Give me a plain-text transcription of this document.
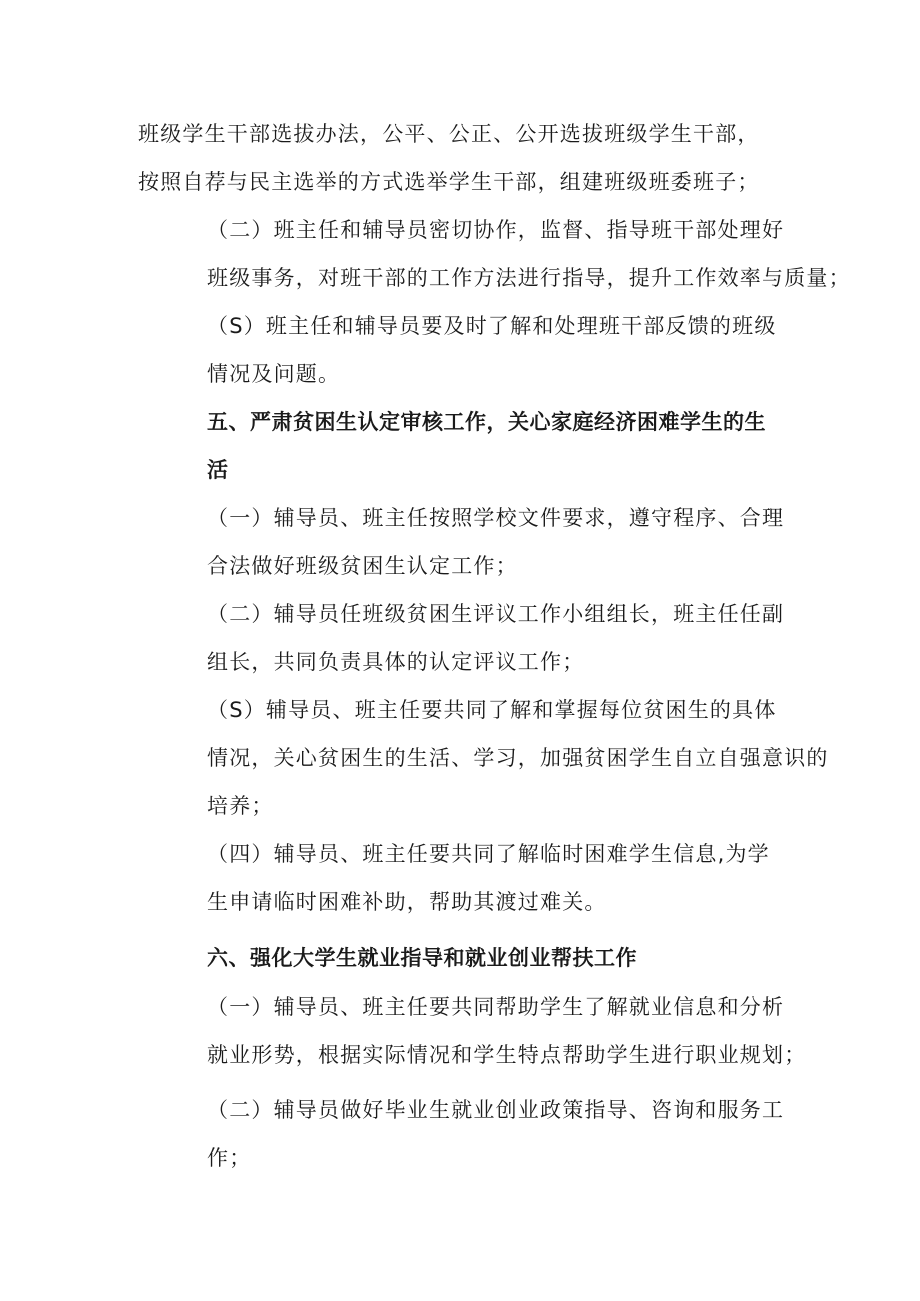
班级学生干部选拔办法，公平、公正、公开选拔班级学生干部，
按照自荐与民主选举的方式选举学生干部，组建班级班委班子；

（二）班主任和辅导员密切协作，监督、指导班干部处理好
班级事务，对班干部的工作方法进行指导，提升工作效率与质量；

（S）班主任和辅导员要及时了解和处理班干部反馈的班级
情况及问题。

五、严肃贫困生认定审核工作，关心家庭经济困难学生的生
活

（一）辅导员、班主任按照学校文件要求，遵守程序、合理
合法做好班级贫困生认定工作；

（二）辅导员任班级贫困生评议工作小组组长，班主任任副
组长，共同负责具体的认定评议工作；

（S）辅导员、班主任要共同了解和掌握每位贫困生的具体
情况，关心贫困生的生活、学习，加强贫困学生自立自强意识的
培养；

（四）辅导员、班主任要共同了解临时困难学生信息,为学
生申请临时困难补助，帮助其渡过难关。

六、强化大学生就业指导和就业创业帮扶工作

（一）辅导员、班主任要共同帮助学生了解就业信息和分析
就业形势，根据实际情况和学生特点帮助学生进行职业规划；

（二）辅导员做好毕业生就业创业政策指导、咨询和服务工
作；
